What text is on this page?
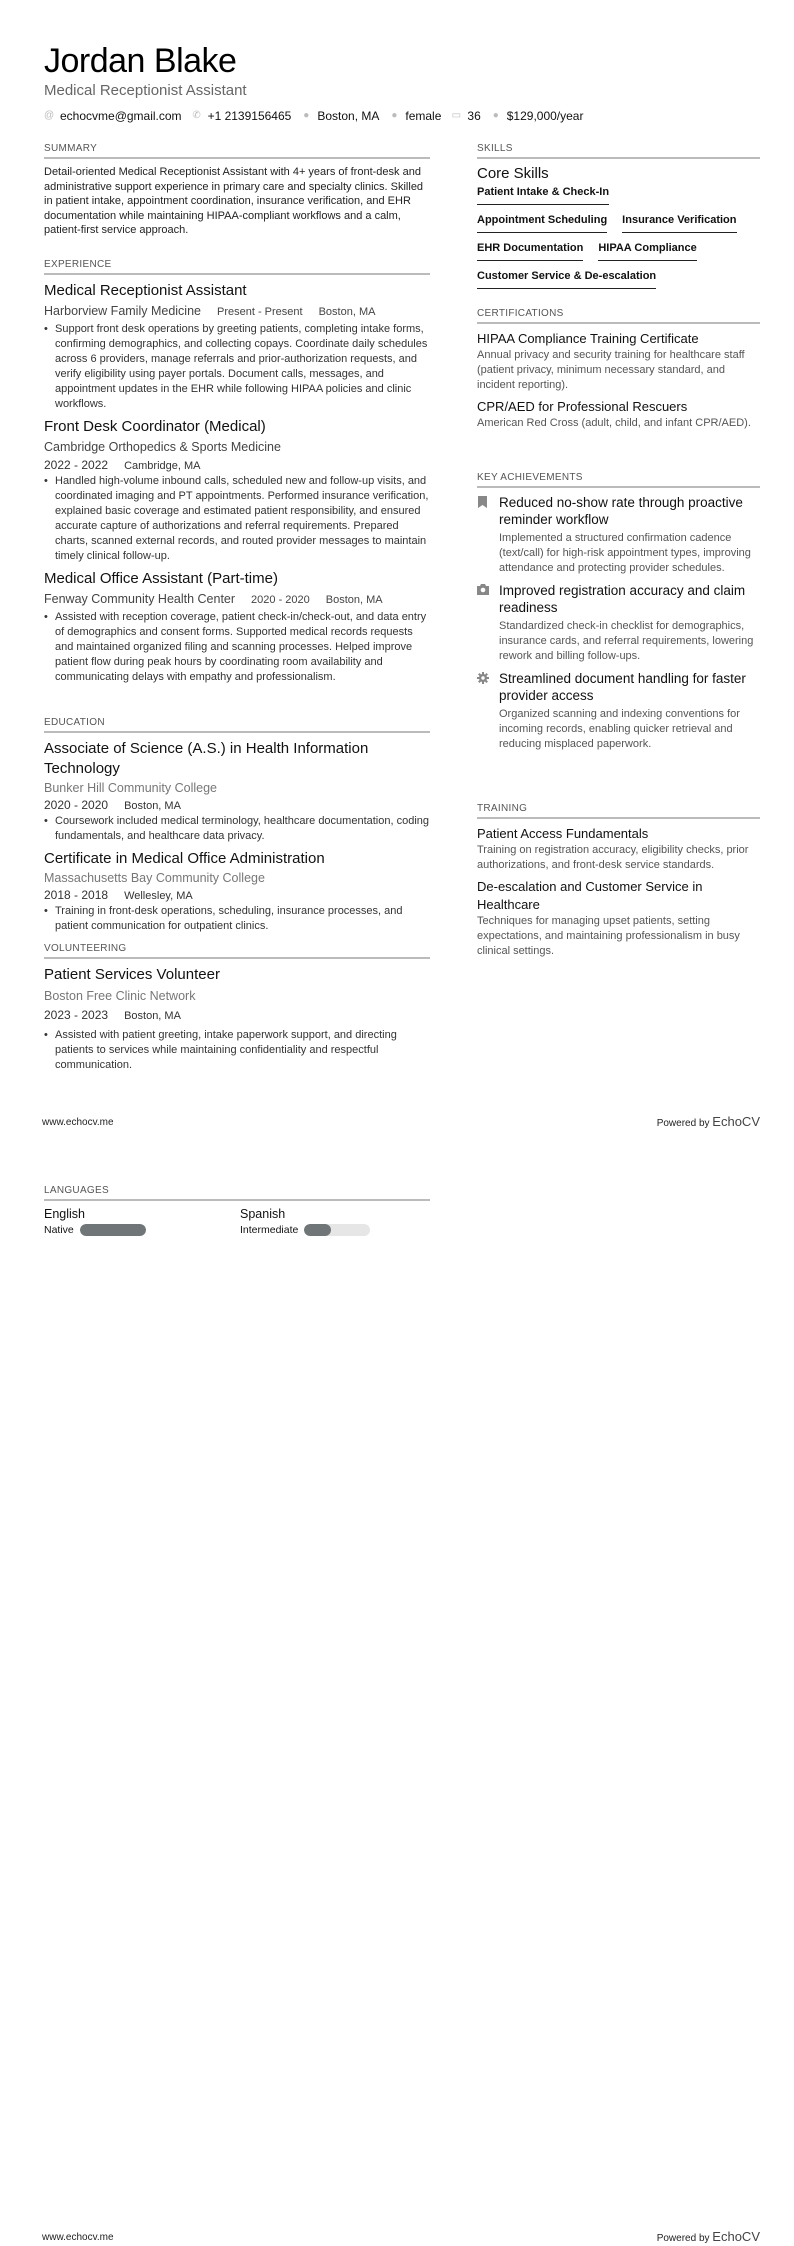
Jordan Blake
Medical Receptionist Assistant
@ echocvme@gmail.com ✆ +1 2139156465 ● Boston, MA ● female ▭ 36 ● $129,000/year
SUMMARY

Detail-oriented Medical Receptionist Assistant with 4+ years of front-desk and administrative support experience in primary care and specialty clinics. Skilled in patient intake, appointment coordination, insurance verification, and EHR documentation while maintaining HIPAA-compliant workflows and a calm, patient-first service approach.

EXPERIENCE
Medical Receptionist Assistant
Harborview Family Medicine Present - Present Boston, MA
• Support front desk operations by greeting patients, completing intake forms, confirming demographics, and collecting copays. Coordinate daily schedules across 6 providers, manage referrals and prior-authorization requests, and verify eligibility using payer portals. Document calls, messages, and appointment updates in the EHR while following HIPAA policies and clinic workflows.
Front Desk Coordinator (Medical)
Cambridge Orthopedics & Sports Medicine
2022 - 2022 Cambridge, MA
• Handled high-volume inbound calls, scheduled new and follow-up visits, and coordinated imaging and PT appointments. Performed insurance verification, explained basic coverage and estimated patient responsibility, and ensured accurate capture of authorizations and referral requirements. Prepared charts, scanned external records, and routed provider messages to maintain timely clinical follow-up.
Medical Office Assistant (Part-time)
Fenway Community Health Center 2020 - 2020 Boston, MA
• Assisted with reception coverage, patient check-in/check-out, and data entry of demographics and consent forms. Supported medical records requests and maintained organized filing and scanning processes. Helped improve patient flow during peak hours by coordinating room availability and communicating delays with empathy and professionalism.
EDUCATION
Associate of Science (A.S.) in Health Information Technology
Bunker Hill Community College
2020 - 2020 Boston, MA
• Coursework included medical terminology, healthcare documentation, coding fundamentals, and healthcare data privacy.
Certificate in Medical Office Administration
Massachusetts Bay Community College
2018 - 2018 Wellesley, MA
• Training in front-desk operations, scheduling, insurance processes, and patient communication for outpatient clinics.
VOLUNTEERING
Patient Services Volunteer
Boston Free Clinic Network
2023 - 2023 Boston, MA
• Assisted with patient greeting, intake paperwork support, and directing patients to services while maintaining confidentiality and respectful communication.
SKILLS
Core Skills
Patient Intake & Check-In
Appointment Scheduling Insurance Verification
EHR Documentation HIPAA Compliance
Customer Service & De-escalation
CERTIFICATIONS
HIPAA Compliance Training Certificate
Annual privacy and security training for healthcare staff (patient privacy, minimum necessary standard, and incident reporting).
CPR/AED for Professional Rescuers
American Red Cross (adult, child, and infant CPR/AED).
KEY ACHIEVEMENTS
Reduced no-show rate through proactive reminder workflow
Implemented a structured confirmation cadence (text/call) for high-risk appointment types, improving attendance and protecting provider schedules.
Improved registration accuracy and claim readiness
Standardized check-in checklist for demographics, insurance cards, and referral requirements, lowering rework and billing follow-ups.
Streamlined document handling for faster provider access
Organized scanning and indexing conventions for incoming records, enabling quicker retrieval and reducing misplaced paperwork.
TRAINING
Patient Access Fundamentals
Training on registration accuracy, eligibility checks, prior authorizations, and front-desk service standards.
De-escalation and Customer Service in Healthcare
Techniques for managing upset patients, setting expectations, and maintaining professionalism in busy clinical settings.
www.echocv.me	Powered by EchoCV
LANGUAGES
English
Native
Spanish
Intermediate
www.echocv.me	Powered by EchoCV
